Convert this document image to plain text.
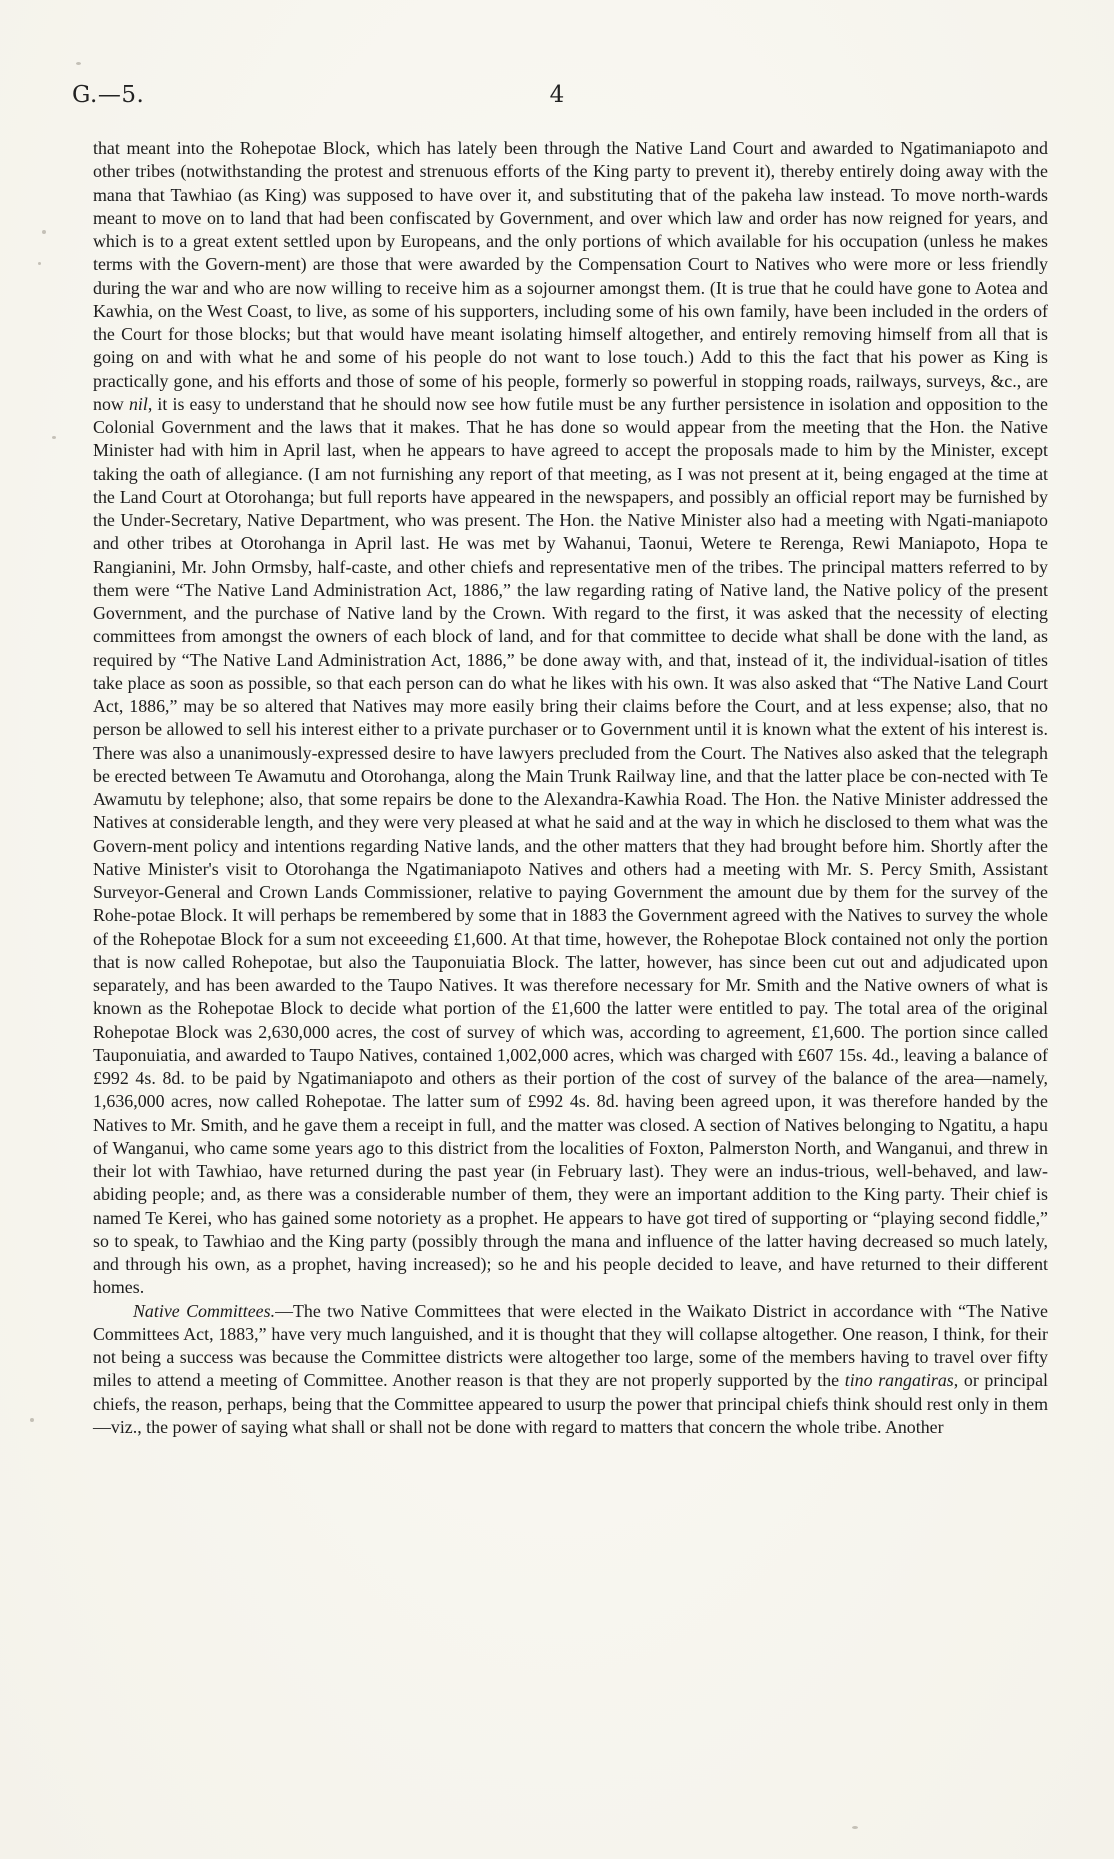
G.—5.	4

that meant into the Rohepotae Block, which has lately been through the Native Land Court and awarded to Ngatimaniapoto and other tribes (notwithstanding the protest and strenuous efforts of the King party to prevent it), thereby entirely doing away with the mana that Tawhiao (as King) was supposed to have over it, and substituting that of the pakeha law instead. To move north-wards meant to move on to land that had been confiscated by Government, and over which law and order has now reigned for years, and which is to a great extent settled upon by Europeans, and the only portions of which available for his occupation (unless he makes terms with the Govern-ment) are those that were awarded by the Compensation Court to Natives who were more or less friendly during the war and who are now willing to receive him as a sojourner amongst them. (It is true that he could have gone to Aotea and Kawhia, on the West Coast, to live, as some of his supporters, including some of his own family, have been included in the orders of the Court for those blocks; but that would have meant isolating himself altogether, and entirely removing himself from all that is going on and with what he and some of his people do not want to lose touch.) Add to this the fact that his power as King is practically gone, and his efforts and those of some of his people, formerly so powerful in stopping roads, railways, surveys, &c., are now nil, it is easy to understand that he should now see how futile must be any further persistence in isolation and opposition to the Colonial Government and the laws that it makes. That he has done so would appear from the meeting that the Hon. the Native Minister had with him in April last, when he appears to have agreed to accept the proposals made to him by the Minister, except taking the oath of allegiance. (I am not furnishing any report of that meeting, as I was not present at it, being engaged at the time at the Land Court at Otorohanga; but full reports have appeared in the newspapers, and possibly an official report may be furnished by the Under-Secretary, Native Department, who was present. The Hon. the Native Minister also had a meeting with Ngati-maniapoto and other tribes at Otorohanga in April last. He was met by Wahanui, Taonui, Wetere te Rerenga, Rewi Maniapoto, Hopa te Rangianini, Mr. John Ormsby, half-caste, and other chiefs and representative men of the tribes. The principal matters referred to by them were “The Native Land Administration Act, 1886,” the law regarding rating of Native land, the Native policy of the present Government, and the purchase of Native land by the Crown. With regard to the first, it was asked that the necessity of electing committees from amongst the owners of each block of land, and for that committee to decide what shall be done with the land, as required by “The Native Land Administration Act, 1886,” be done away with, and that, instead of it, the individual-isation of titles take place as soon as possible, so that each person can do what he likes with his own. It was also asked that “The Native Land Court Act, 1886,” may be so altered that Natives may more easily bring their claims before the Court, and at less expense; also, that no person be allowed to sell his interest either to a private purchaser or to Government until it is known what the extent of his interest is. There was also a unanimously-expressed desire to have lawyers precluded from the Court. The Natives also asked that the telegraph be erected between Te Awamutu and Otorohanga, along the Main Trunk Railway line, and that the latter place be con-nected with Te Awamutu by telephone; also, that some repairs be done to the Alexandra-Kawhia Road. The Hon. the Native Minister addressed the Natives at considerable length, and they were very pleased at what he said and at the way in which he disclosed to them what was the Govern-ment policy and intentions regarding Native lands, and the other matters that they had brought before him. Shortly after the Native Minister's visit to Otorohanga the Ngatimaniapoto Natives and others had a meeting with Mr. S. Percy Smith, Assistant Surveyor-General and Crown Lands Commissioner, relative to paying Government the amount due by them for the survey of the Rohe-potae Block. It will perhaps be remembered by some that in 1883 the Government agreed with the Natives to survey the whole of the Rohepotae Block for a sum not exceeeding £1,600. At that time, however, the Rohepotae Block contained not only the portion that is now called Rohepotae, but also the Tauponuiatia Block. The latter, however, has since been cut out and adjudicated upon separately, and has been awarded to the Taupo Natives. It was therefore necessary for Mr. Smith and the Native owners of what is known as the Rohepotae Block to decide what portion of the £1,600 the latter were entitled to pay. The total area of the original Rohepotae Block was 2,630,000 acres, the cost of survey of which was, according to agreement, £1,600. The portion since called Tauponuiatia, and awarded to Taupo Natives, contained 1,002,000 acres, which was charged with £607 15s. 4d., leaving a balance of £992 4s. 8d. to be paid by Ngatimaniapoto and others as their portion of the cost of survey of the balance of the area—namely, 1,636,000 acres, now called Rohepotae. The latter sum of £992 4s. 8d. having been agreed upon, it was therefore handed by the Natives to Mr. Smith, and he gave them a receipt in full, and the matter was closed. A section of Natives belonging to Ngatitu, a hapu of Wanganui, who came some years ago to this district from the localities of Foxton, Palmerston North, and Wanganui, and threw in their lot with Tawhiao, have returned during the past year (in February last). They were an indus-trious, well-behaved, and law-abiding people; and, as there was a considerable number of them, they were an important addition to the King party. Their chief is named Te Kerei, who has gained some notoriety as a prophet. He appears to have got tired of supporting or “playing second fiddle,” so to speak, to Tawhiao and the King party (possibly through the mana and influence of the latter having decreased so much lately, and through his own, as a prophet, having increased); so he and his people decided to leave, and have returned to their different homes.

Native Committees.—The two Native Committees that were elected in the Waikato District in accordance with “The Native Committees Act, 1883,” have very much languished, and it is thought that they will collapse altogether. One reason, I think, for their not being a success was because the Committee districts were altogether too large, some of the members having to travel over fifty miles to attend a meeting of Committee. Another reason is that they are not properly supported by the tino rangatiras, or principal chiefs, the reason, perhaps, being that the Committee appeared to usurp the power that principal chiefs think should rest only in them—viz., the power of saying what shall or shall not be done with regard to matters that concern the whole tribe. Another
